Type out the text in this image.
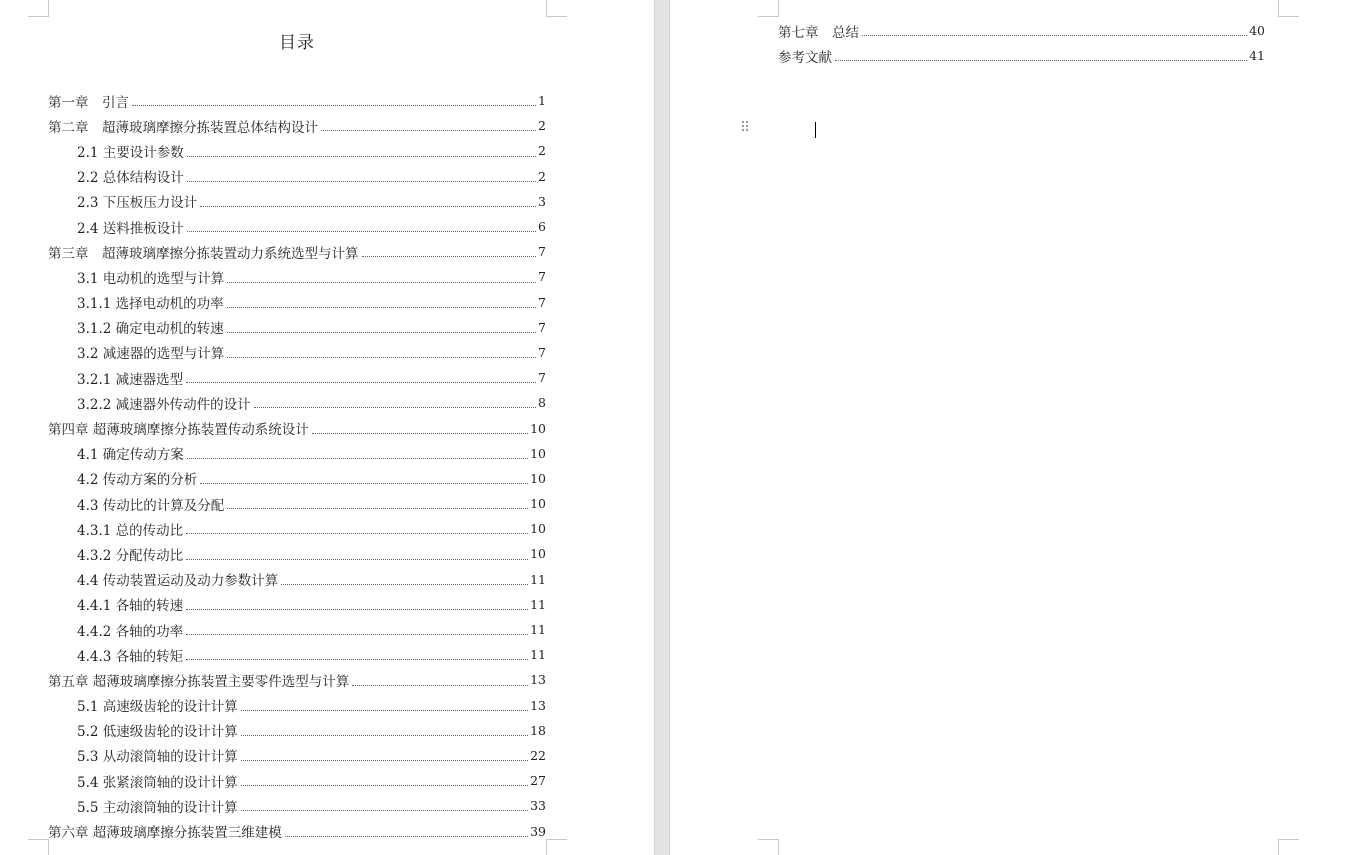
目录
第一章　引言	1
第二章　超薄玻璃摩擦分拣装置总体结构设计	2
2.1 主要设计参数	2
2.2 总体结构设计	2
2.3 下压板压力设计	3
2.4 送料推板设计	6
第三章　超薄玻璃摩擦分拣装置动力系统选型与计算	7
3.1 电动机的选型与计算	7
3.1.1 选择电动机的功率	7
3.1.2 确定电动机的转速	7
3.2 减速器的选型与计算	7
3.2.1 减速器选型	7
3.2.2 减速器外传动件的设计	8
第四章 超薄玻璃摩擦分拣装置传动系统设计	10
4.1 确定传动方案	10
4.2 传动方案的分析	10
4.3 传动比的计算及分配	10
4.3.1 总的传动比	10
4.3.2 分配传动比	10
4.4 传动装置运动及动力参数计算	11
4.4.1 各轴的转速	11
4.4.2 各轴的功率	11
4.4.3 各轴的转矩	11
第五章 超薄玻璃摩擦分拣装置主要零件选型与计算	13
5.1 高速级齿轮的设计计算	13
5.2 低速级齿轮的设计计算	18
5.3 从动滚筒轴的设计计算	22
5.4 张紧滚筒轴的设计计算	27
5.5 主动滚筒轴的设计计算	33
第六章 超薄玻璃摩擦分拣装置三维建模	39
第七章　总结	40
参考文献	41
⠿
